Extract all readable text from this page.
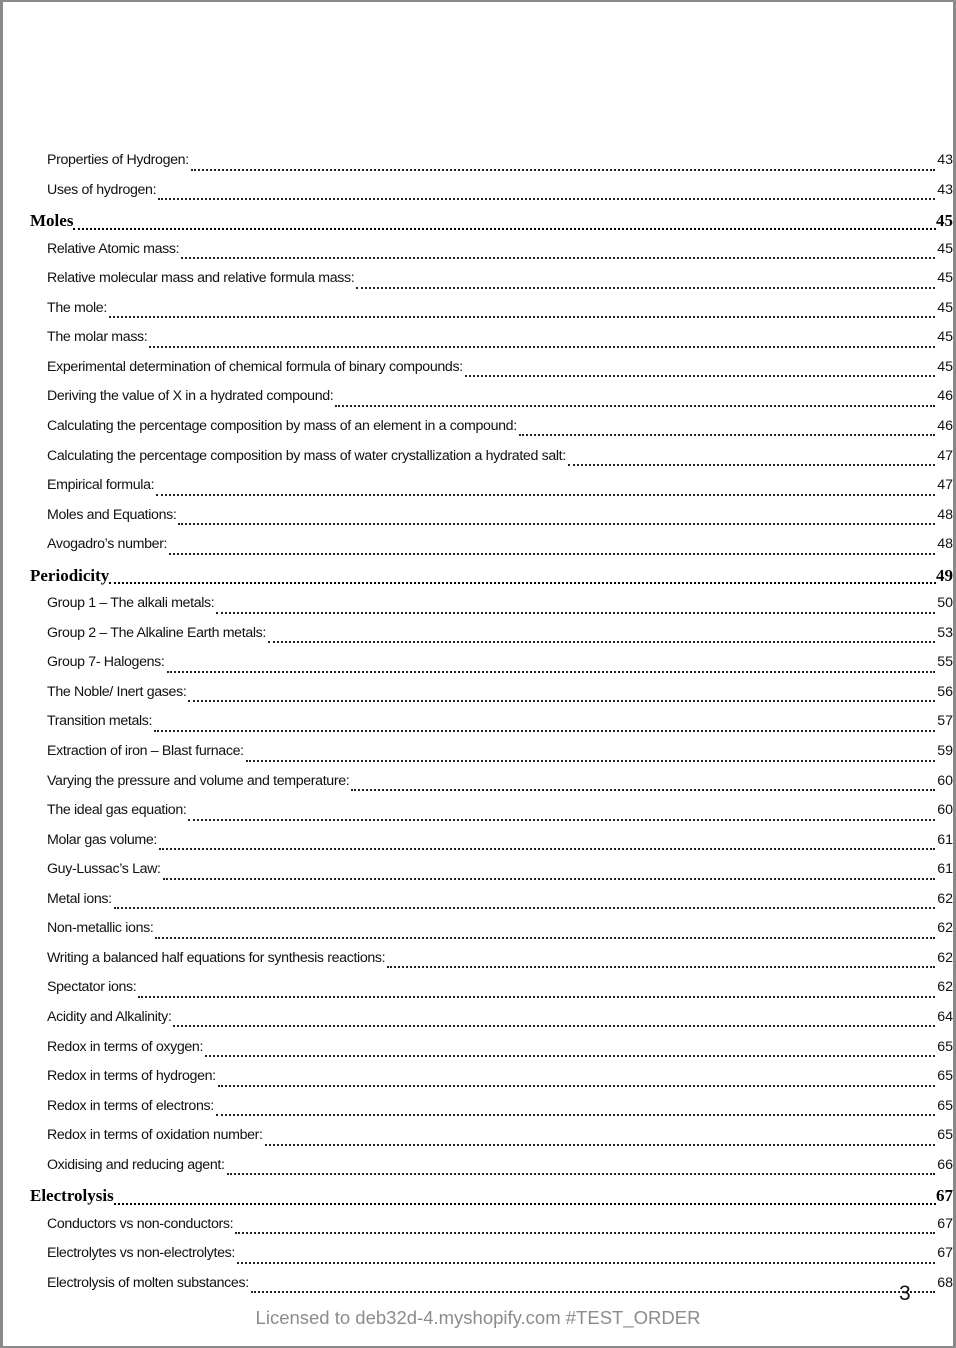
Properties of Hydrogen:	43
Uses of hydrogen:	43
Moles	45
Relative Atomic mass:	45
Relative molecular mass and relative formula mass:	45
The mole:	45
The molar mass:	45
Experimental determination of chemical formula of binary compounds:	45
Deriving the value of X in a hydrated compound:	46
Calculating the percentage composition by mass of an element in a compound:	46
Calculating the percentage composition by mass of water crystallization a hydrated salt:	47
Empirical formula:	47
Moles and Equations:	48
Avogadro’s number:	48
Periodicity	49
Group 1 – The alkali metals:	50
Group 2 – The Alkaline Earth metals:	53
Group 7- Halogens:	55
The Noble/ Inert gases:	56
Transition metals:	57
Extraction of iron – Blast furnace:	59
Varying the pressure and volume and temperature:	60
The ideal gas equation:	60
Molar gas volume:	61
Guy-Lussac’s Law:	61
Metal ions:	62
Non-metallic ions:	62
Writing a balanced half equations for synthesis reactions:	62
Spectator ions:	62
Acidity and Alkalinity:	64
Redox in terms of oxygen:	65
Redox in terms of hydrogen:	65
Redox in terms of electrons:	65
Redox in terms of oxidation number:	65
Oxidising and reducing agent:	66
Electrolysis	67
Conductors vs non-conductors:	67
Electrolytes vs non-electrolytes:	67
Electrolysis of molten substances:	68
3
Licensed to deb32d-4.myshopify.com #TEST_ORDER
